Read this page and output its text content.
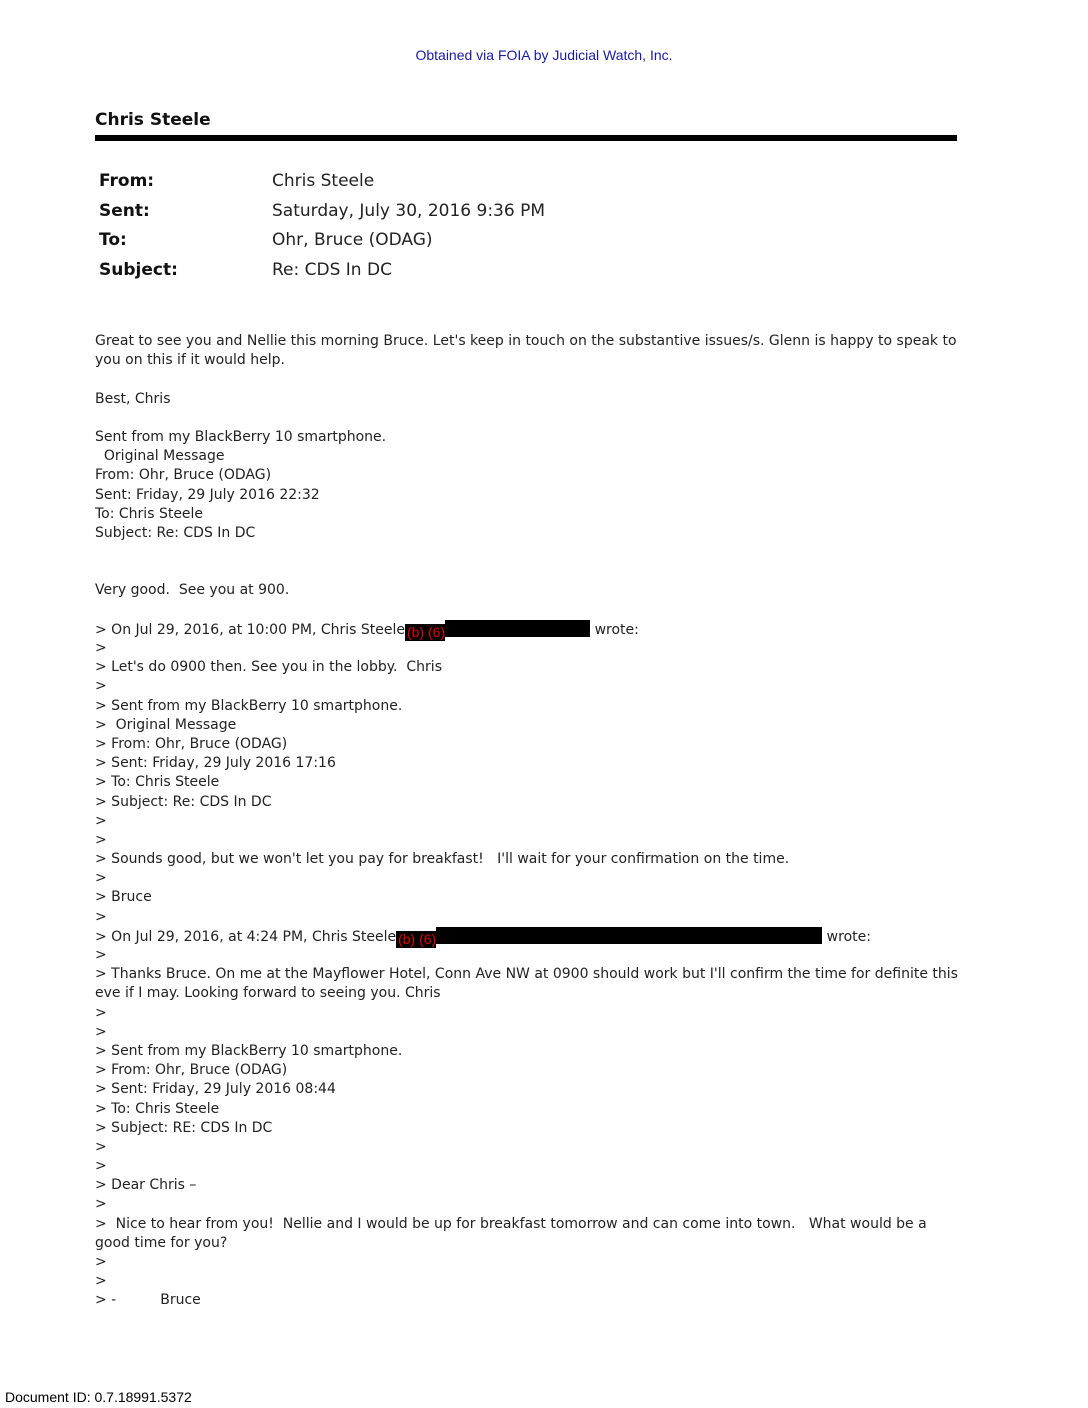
Obtained via FOIA by Judicial Watch, Inc.
Chris Steele
From:	Chris Steele
Sent:	Saturday, July 30, 2016 9:36 PM
To:	Ohr, Bruce (ODAG)
Subject:	Re: CDS In DC
Great to see you and Nellie this morning Bruce. Let's keep in touch on the substantive issues/s. Glenn is happy to speak to
you on this if it would help.
Best, Chris
Sent from my BlackBerry 10 smartphone.
Original Message
From: Ohr, Bruce (ODAG)
Sent: Friday, 29 July 2016 22:32
To: Chris Steele
Subject: Re: CDS In DC
Very good.  See you at 900.
> On Jul 29, 2016, at 10:00 PM, Chris Steele (b) (6)	wrote:
>
> Let's do 0900 then. See you in the lobby.  Chris
>
> Sent from my BlackBerry 10 smartphone.
>  Original Message
> From: Ohr, Bruce (ODAG)
> Sent: Friday, 29 July 2016 17:16
> To: Chris Steele
> Subject: Re: CDS In DC
>
>
> Sounds good, but we won't let you pay for breakfast!   I'll wait for your confirmation on the time.
>
> Bruce
>
> On Jul 29, 2016, at 4:24 PM, Chris Steele (b) (6)	wrote:
>
> Thanks Bruce. On me at the Mayflower Hotel, Conn Ave NW at 0900 should work but I'll confirm the time for definite this
eve if I may. Looking forward to seeing you. Chris
>
>
> Sent from my BlackBerry 10 smartphone.
> From: Ohr, Bruce (ODAG)
> Sent: Friday, 29 July 2016 08:44
> To: Chris Steele
> Subject: RE: CDS In DC
>
>
> Dear Chris –
>
>  Nice to hear from you!  Nellie and I would be up for breakfast tomorrow and can come into town.   What would be a
good time for you?
>
>
> -	Bruce
Document ID: 0.7.18991.5372
